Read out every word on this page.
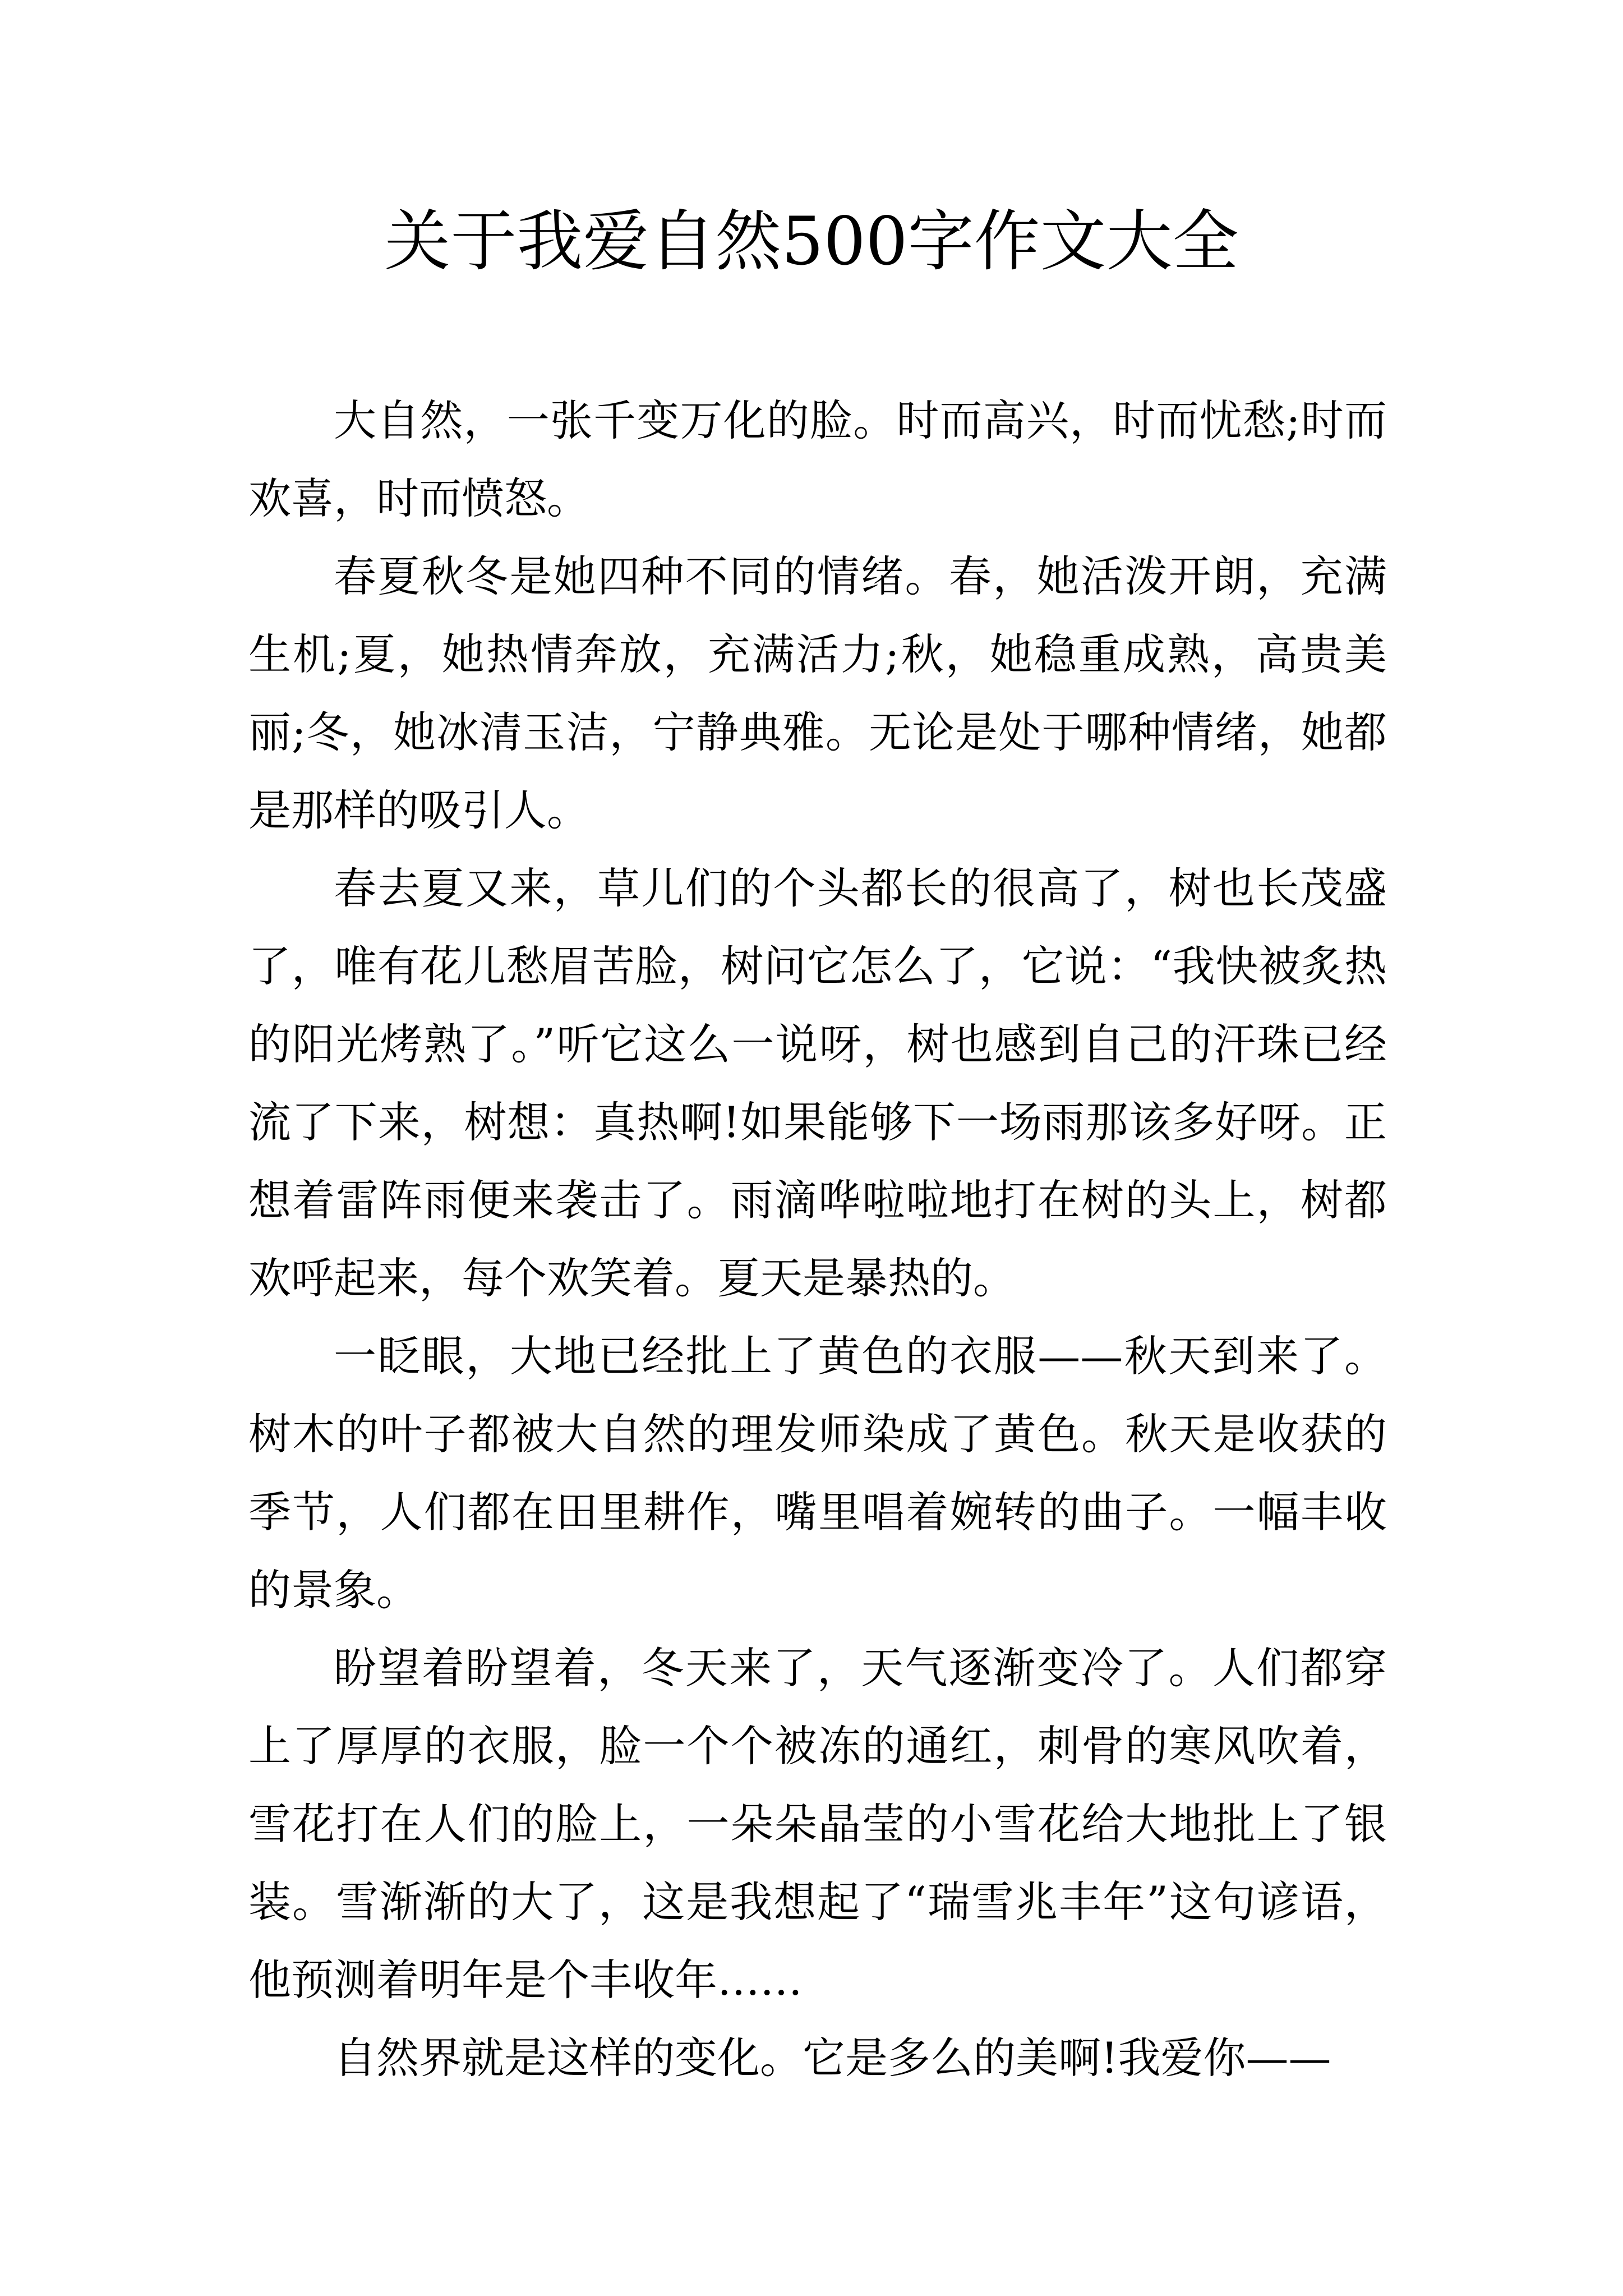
关于我爱自然500字作文大全

大自然，一张千变万化的脸。时而高兴，时而忧愁;时而欢喜，时而愤怒。

春夏秋冬是她四种不同的情绪。春，她活泼开朗，充满生机;夏，她热情奔放，充满活力;秋，她稳重成熟，高贵美丽;冬，她冰清玉洁，宁静典雅。无论是处于哪种情绪，她都是那样的吸引人。

春去夏又来，草儿们的个头都长的很高了，树也长茂盛了，唯有花儿愁眉苦脸，树问它怎么了，它说：“我快被炙热的阳光烤熟了。”听它这么一说呀，树也感到自己的汗珠已经流了下来，树想：真热啊!如果能够下一场雨那该多好呀。正想着雷阵雨便来袭击了。雨滴哗啦啦地打在树的头上，树都欢呼起来，每个欢笑着。夏天是暴热的。

一眨眼，大地已经批上了黄色的衣服——秋天到来了。树木的叶子都被大自然的理发师染成了黄色。秋天是收获的季节，人们都在田里耕作，嘴里唱着婉转的曲子。一幅丰收的景象。

盼望着盼望着，冬天来了，天气逐渐变冷了。人们都穿上了厚厚的衣服，脸一个个被冻的通红，刺骨的寒风吹着，雪花打在人们的脸上，一朵朵晶莹的小雪花给大地批上了银装。雪渐渐的大了，这是我想起了“瑞雪兆丰年”这句谚语，他预测着明年是个丰收年……

自然界就是这样的变化。它是多么的美啊!我爱你——
